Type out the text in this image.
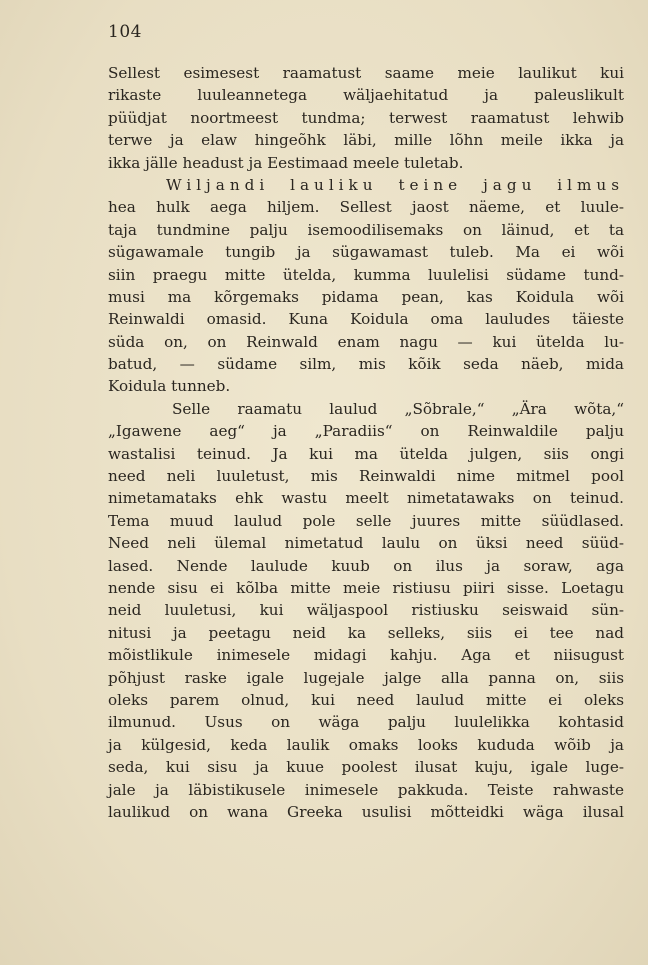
104
Sellest esimesest raamatust saame meie laulikut kui
rikaste luuleannetega wäljaehitatud ja paleuslikult
püüdjat noortmeest tundma; terwest raamatust lehwib
terwe ja elaw hingeõhk läbi, mille lõhn meile ikka ja
ikka jälle headust ja Eestimaad meele tuletab.
Wiljandi lauliku teine jagu ilmus
hea hulk aega hiljem. Sellest jaost näeme, et luule-
taja tundmine palju isemoodilisemaks on läinud, et ta
sügawamale tungib ja sügawamast tuleb. Ma ei wõi
siin praegu mitte ütelda, kumma luulelisi südame tund-
musi ma kõrgemaks pidama pean, kas Koidula wõi
Reinwaldi omasid. Kuna Koidula oma lauludes täieste
süda on, on Reinwald enam nagu — kui ütelda lu-
batud, — südame silm, mis kõik seda näeb, mida
Koidula tunneb.
Selle raamatu laulud „Sõbrale,“ „Ära wõta,“
„Igawene aeg“ ja „Paradiis“ on Reinwaldile palju
wastalisi teinud. Ja kui ma ütelda julgen, siis ongi
need neli luuletust, mis Reinwaldi nime mitmel pool
nimetamataks ehk wastu meelt nimetatawaks on teinud.
Tema muud laulud pole selle juures mitte süüdlased.
Need neli ülemal nimetatud laulu on üksi need süüd-
lased. Nende laulude kuub on ilus ja soraw, aga
nende sisu ei kõlba mitte meie ristiusu piiri sisse. Loetagu
neid luuletusi, kui wäljaspool ristiusku seiswaid sün-
nitusi ja peetagu neid ka selleks, siis ei tee nad
mõistlikule inimesele midagi kahju. Aga et niisugust
põhjust raske igale lugejale jalge alla panna on, siis
oleks parem olnud, kui need laulud mitte ei oleks
ilmunud. Usus on wäga palju luulelikka kohtasid
ja külgesid, keda laulik omaks looks kududa wõib ja
seda, kui sisu ja kuue poolest ilusat kuju, igale luge-
jale ja läbistikusele inimesele pakkuda. Teiste rahwaste
laulikud on wana Greeka usulisi mõtteidki wäga ilusal
